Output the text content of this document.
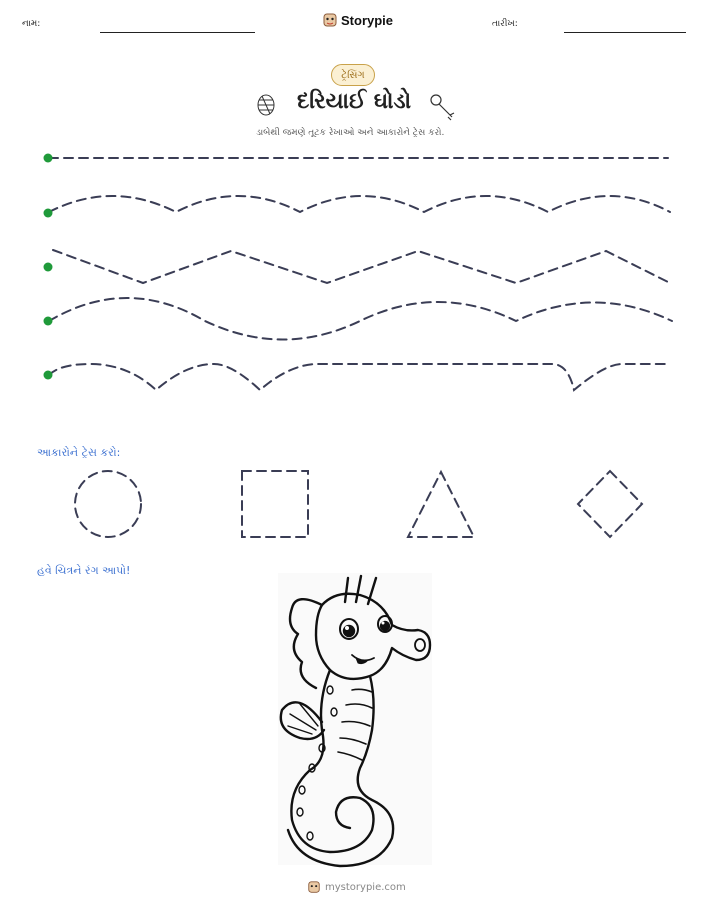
નામ:	Storypie	તારીખ:
ટ્રેસિંગ
દરિયાઈ ઘોડો
ડાબેથી જમણે તૂટક રેખાઓ અને આકારોને ટ્રેસ કરો.
આકારોને ટ્રેસ કરો:
હવે ચિત્રને રંગ આપો!
mystorypie.com
